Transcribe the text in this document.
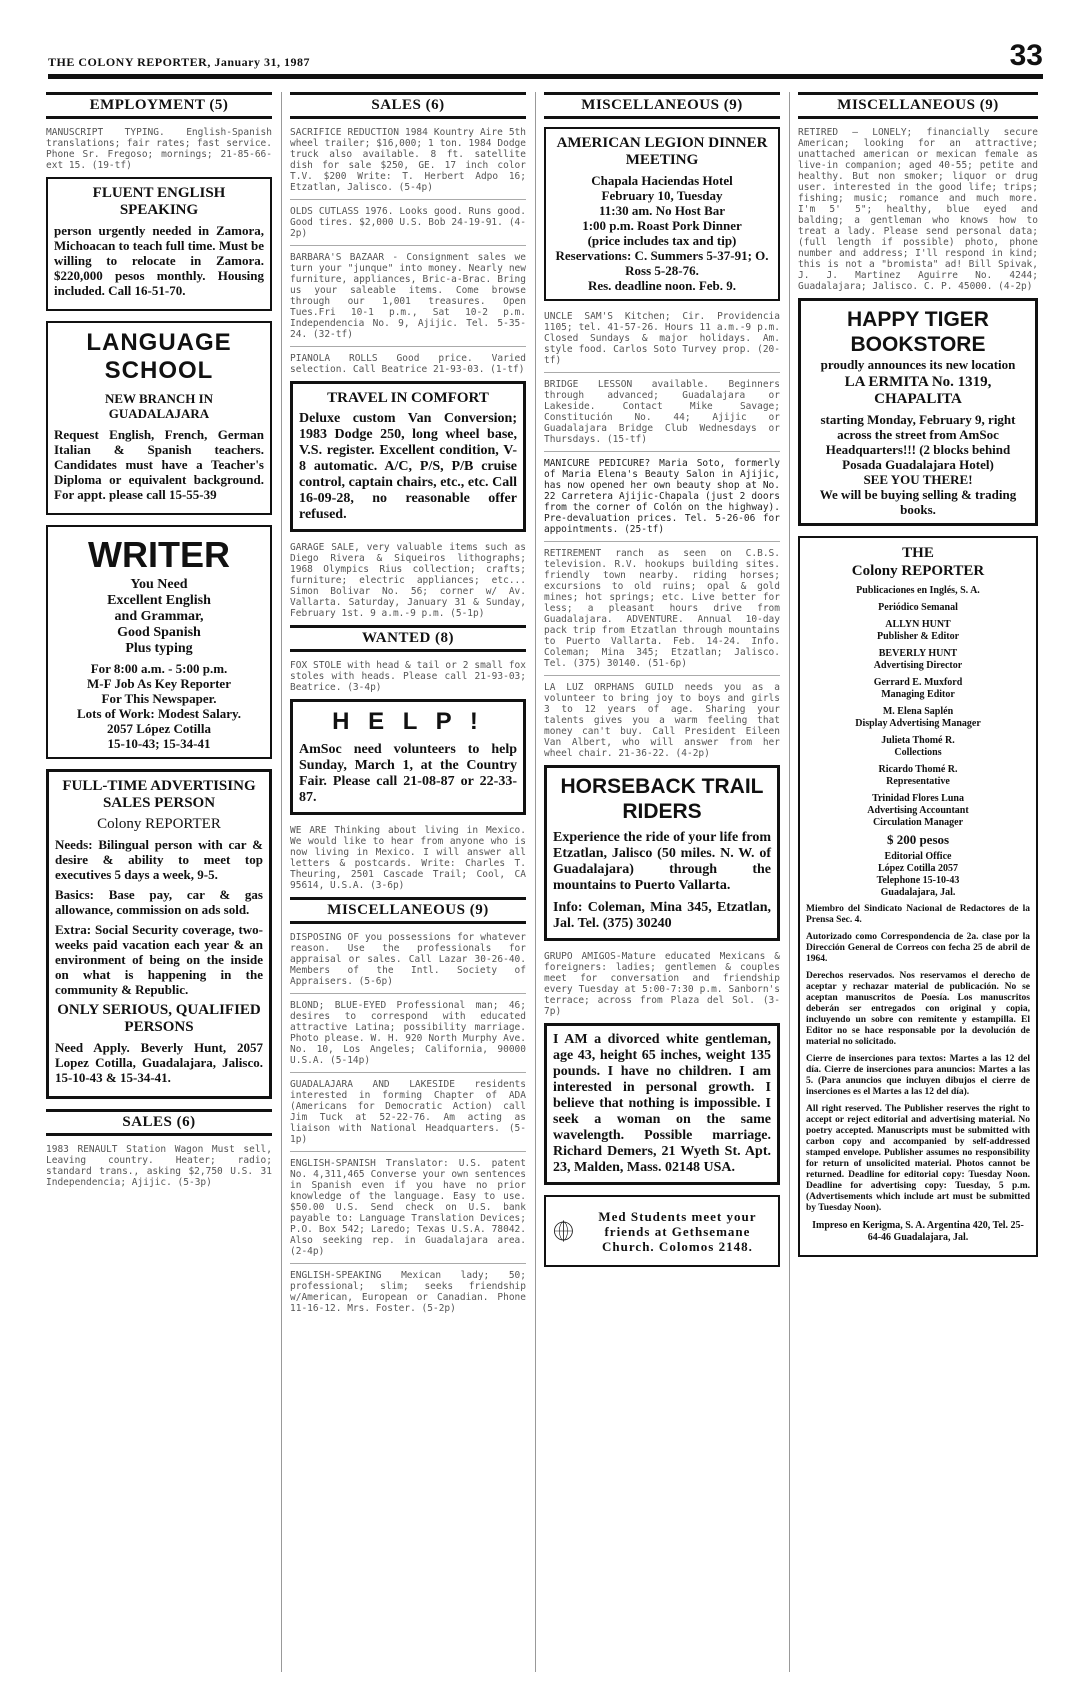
THE COLONY REPORTER, January 31, 1987	33
EMPLOYMENT (5)

MANUSCRIPT TYPING. English-Spanish translations; fair rates; fast service. Phone Sr. Fregoso; mornings; 21-85-66-ext 15. (19-tf)

FLUENT ENGLISH SPEAKING
person urgently needed in Zamora, Michoacan to teach full time. Must be willing to relocate in Zamora. $220,000 pesos monthly. Housing included. Call 16-51-70.
LANGUAGE SCHOOL
NEW BRANCH IN GUADALAJARA
Request English, French, German Italian & Spanish teachers. Candidates must have a Teacher's Diploma or equivalent background. For appt. please call 15-55-39
WRITER
You Need
Excellent English
and Grammar,
Good Spanish
Plus typing
For 8:00 a.m. - 5:00 p.m.
M-F Job As Key Reporter
For This Newspaper.
Lots of Work: Modest Salary.
2057 López Cotilla
15-10-43; 15-34-41
FULL-TIME ADVERTISING SALES PERSON
Colony REPORTER
Needs: Bilingual person with car & desire & ability to meet top executives 5 days a week, 9-5.
Basics: Base pay, car & gas allowance, commission on ads sold.
Extra: Social Security coverage, two-weeks paid vacation each year & an environment of being on the inside on what is happening in the community & Republic.
ONLY SERIOUS, QUALIFIED PERSONS
Need Apply. Beverly Hunt, 2057 Lopez Cotilla, Guadalajara, Jalisco. 15-10-43 & 15-34-41.
SALES (6)

1983 RENAULT Station Wagon Must sell, Leaving country. Heater; radio; standard trans., asking $2,750 U.S. 31 Independencia; Ajijic. (5-3p)

SALES (6)

SACRIFICE REDUCTION 1984 Kountry Aire 5th wheel trailer; $16,000; 1 ton. 1984 Dodge truck also available. 8 ft. satellite dish for sale $250, GE. 17 inch color T.V. $200 Write: T. Herbert Adpo 16; Etzatlan, Jalisco. (5-4p)

OLDS CUTLASS 1976. Looks good. Runs good. Good tires. $2,000 U.S. Bob 24-19-91. (4-2p)

BARBARA'S BAZAAR - Consignment sales we turn your "junque" into money. Nearly new furniture, appliances, Bric-a-Brac. Bring us your saleable items. Come browse through our 1,001 treasures. Open Tues.Fri 10-1 p.m., Sat 10-2 p.m. Independencia No. 9, Ajijic. Tel. 5-35-24. (32-tf)

PIANOLA ROLLS Good price. Varied selection. Call Beatrice 21-93-03. (1-tf)

TRAVEL IN COMFORT
Deluxe custom Van Conversion; 1983 Dodge 250, long wheel base, V.S. register. Excellent condition, V-8 automatic. A/C, P/S, P/B cruise control, captain chairs, etc., etc. Call 16-09-28, no reasonable offer refused.

GARAGE SALE, very valuable items such as Diego Rivera & Siqueiros lithographs; 1968 Olympics Rius collection; crafts; furniture; electric appliances; etc... Simon Bolivar No. 56; corner w/ Av. Vallarta. Saturday, January 31 & Sunday, February 1st. 9 a.m.-9 p.m. (5-1p)

WANTED (8)

FOX STOLE with head & tail or 2 small fox stoles with heads. Please call 21-93-03; Beatrice. (3-4p)

H E L P !
AmSoc need volunteers to help Sunday, March 1, at the Country Fair. Please call 21-08-87 or 22-33-87.

WE ARE Thinking about living in Mexico. We would like to hear from anyone who is now living in Mexico. I will answer all letters & postcards. Write: Charles T. Theuring, 2501 Cascade Trail; Cool, CA 95614, U.S.A. (3-6p)

MISCELLANEOUS (9)

DISPOSING OF you possessions for whatever reason. Use the professionals for appraisal or sales. Call Lazar 30-26-40. Members of the Intl. Society of Appraisers. (5-6p)

BLOND; BLUE-EYED Professional man; 46; desires to correspond with educated attractive Latina; possibility marriage. Photo please. W. H. 920 North Murphy Ave. No. 10, Los Angeles; California, 90000 U.S.A. (5-14p)

GUADALAJARA AND LAKESIDE residents interested in forming Chapter of ADA (Americans for Democratic Action) call Jim Tuck at 52-22-76. Am acting as liaison with National Headquarters. (5-1p)

ENGLISH-SPANISH Translator: U.S. patent No. 4,311,465 Converse your own sentences in Spanish even if you have no prior knowledge of the language. Easy to use. $50.00 U.S. Send check on U.S. bank payable to: Language Translation Devices; P.O. Box 542; Laredo; Texas U.S.A. 78042. Also seeking rep. in Guadalajara area. (2-4p)

ENGLISH-SPEAKING Mexican lady; 50; professional; slim; seeks friendship w/American, European or Canadian. Phone 11-16-12. Mrs. Foster. (5-2p)

MISCELLANEOUS (9)
AMERICAN LEGION DINNER MEETING
Chapala Haciendas Hotel
February 10, Tuesday
11:30 am. No Host Bar
1:00 p.m. Roast Pork Dinner
(price includes tax and tip)
Reservations: C. Summers 5-37-91; O. Ross 5-28-76.
Res. deadline noon. Feb. 9.

UNCLE SAM'S Kitchen; Cir. Providencia 1105; tel. 41-57-26. Hours 11 a.m.-9 p.m. Closed Sundays & major holidays. Am. style food. Carlos Soto Turvey prop. (20-tf)

BRIDGE LESSON available. Beginners through advanced; Guadalajara or Lakeside. Contact Mike Savage; Constitución No. 44; Ajijic or Guadalajara Bridge Club Wednesdays or Thursdays. (15-tf)

MANICURE PEDICURE? Maria Soto, formerly of Maria Elena's Beauty Salon in Ajijic, has now opened her own beauty shop at No. 22 Carretera Ajijic-Chapala (just 2 doors from the corner of Colón on the highway). Pre-devaluation prices. Tel. 5-26-06 for appointments. (25-tf)

RETIREMENT ranch as seen on C.B.S. television. R.V. hookups building sites. friendly town nearby. riding horses; excursions to old ruins; opal & gold mines; hot springs; etc. Live better for less; a pleasant hours drive from Guadalajara. ADVENTURE. Annual 10-day pack trip from Etzatlan through mountains to Puerto Vallarta. Feb. 14-24. Info. Coleman; Mina 345; Etzatlan; Jalisco. Tel. (375) 30140. (51-6p)

LA LUZ ORPHANS GUILD needs you as a volunteer to bring joy to boys and girls 3 to 12 years of age. Sharing your talents gives you a warm feeling that money can't buy. Call President Eileen Van Albert, who will answer from her wheel chair. 21-36-22. (4-2p)

HORSEBACK TRAIL RIDERS
Experience the ride of your life from Etzatlan, Jalisco (50 miles. N. W. of Guadalajara) through the mountains to Puerto Vallarta.
Info: Coleman, Mina 345, Etzatlan, Jal. Tel. (375) 30240

GRUPO AMIGOS-Mature educated Mexicans & foreigners: ladies; gentlemen & couples meet for conversation and friendship every Tuesday at 5:00-7:30 p.m. Sanborn's terrace; across from Plaza del Sol. (3-7p)

I AM a divorced white gentleman, age 43, height 65 inches, weight 135 pounds. I have no children. I am interested in personal growth. I believe that nothing is impossible. I seek a woman on the same wavelength. Possible marriage. Richard Demers, 21 Wyeth St. Apt. 23, Malden, Mass. 02148 USA.
Med Students meet your friends at Gethsemane Church. Colomos 2148.
MISCELLANEOUS (9)

RETIRED — LONELY; financially secure American; looking for an attractive; unattached american or mexican female as live-in companion; aged 40-55; petite and healthy. But non smoker; liquor or drug user. interested in the good life; trips; fishing; music; romance and much more. I'm 5' 5"; healthy, blue eyed and balding; a gentleman who knows how to treat a lady. Please send personal data; (full length if possible) photo, phone number and address; I'll respond in kind; this is not a "bromista" ad! Bill Spivak, J. J. Martinez Aguirre No. 4244; Guadalajara; Jalisco. C. P. 45000. (4-2p)

HAPPY TIGER BOOKSTORE
proudly announces its new location
LA ERMITA No. 1319,
CHAPALITA
starting Monday, February 9, right across the street from AmSoc Headquarters!!! (2 blocks behind Posada Guadalajara Hotel)
SEE YOU THERE!
We will be buying selling & trading books.
THE
Colony REPORTER

Publicaciones en Inglés, S. A.

Periódico Semanal

ALLYN HUNT
Publisher & Editor
BEVERLY HUNT
Advertising Director
Gerrard E. Muxford
Managing Editor
M. Elena Saplén
Display Advertising Manager
Julieta Thomé R.
Collections
Ricardo Thomé R.
Representative
Trinidad Flores Luna
Advertising Accountant
Circulation Manager

$ 200 pesos

Editorial Office
López Cotilla 2057
Telephone 15-10-43
Guadalajara, Jal.

Miembro del Sindicato Nacional de Redactores de la Prensa Sec. 4.

Autorizado como Correspondencia de 2a. clase por la Dirección General de Correos con fecha 25 de abril de 1964.

Derechos reservados. Nos reservamos el derecho de aceptar y rechazar material de publicación. No se aceptan manuscritos de Poesía. Los manuscritos deberán ser entregados con original y copia, incluyendo un sobre con remitente y estampilla. El Editor no se hace responsable por la devolución de material no solicitado.

Cierre de inserciones para textos: Martes a las 12 del día. Cierre de inserciones para anuncios: Martes a las 5. (Para anuncios que incluyen dibujos el cierre de inserciones es el Martes a las 12 del día).

All right reserved. The Publisher reserves the right to accept or reject editorial and advertising material. No poetry accepted. Manuscripts must be submitted with carbon copy and accompanied by self-addressed stamped envelope. Publisher assumes no responsibility for return of unsolicited material. Photos cannot be returned. Deadline for editorial copy: Tuesday Noon. Deadline for advertising copy: Tuesday, 5 p.m. (Advertisements which include art must be submitted by Tuesday Noon).

Impreso en Kerigma, S. A. Argentina 420, Tel. 25-64-46 Guadalajara, Jal.
